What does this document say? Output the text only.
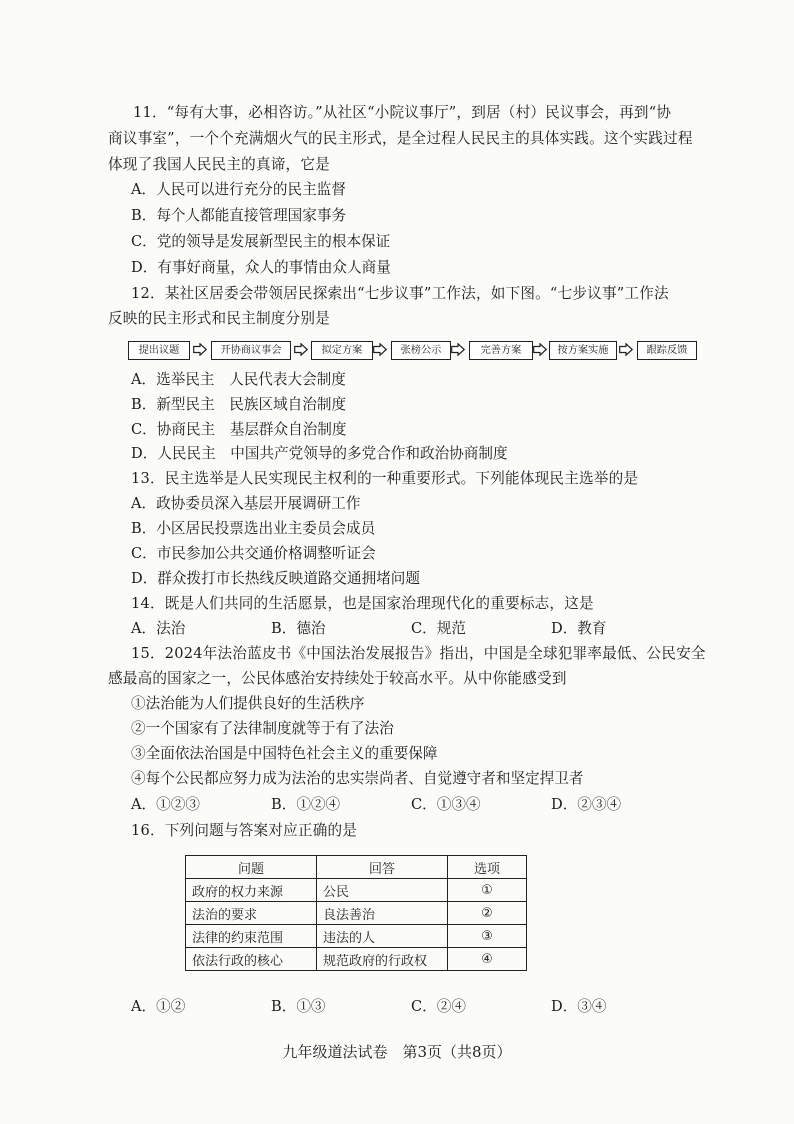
11．“每有大事，必相咨访。”从社区“小院议事厅”，到居（村）民议事会，再到“协
商议事室”，一个个充满烟火气的民主形式，是全过程人民民主的具体实践。这个实践过程
体现了我国人民民主的真谛，它是
A．人民可以进行充分的民主监督
B．每个人都能直接管理国家事务
C．党的领导是发展新型民主的根本保证
D．有事好商量，众人的事情由众人商量
12．某社区居委会带领居民探索出“七步议事”工作法，如下图。“七步议事”工作法
反映的民主形式和民主制度分别是
提出议题	开协商议事会	拟定方案	张榜公示	完善方案	按方案实施	跟踪反馈
A．选举民主　人民代表大会制度
B．新型民主　民族区域自治制度
C．协商民主　基层群众自治制度
D．人民民主　中国共产党领导的多党合作和政治协商制度
13．民主选举是人民实现民主权利的一种重要形式。下列能体现民主选举的是
A．政协委员深入基层开展调研工作
B．小区居民投票选出业主委员会成员
C．市民参加公共交通价格调整听证会
D．群众拨打市长热线反映道路交通拥堵问题
14．既是人们共同的生活愿景，也是国家治理现代化的重要标志，这是
A．法治	B．德治	C．规范	D．教育
15．2024年法治蓝皮书《中国法治发展报告》指出，中国是全球犯罪率最低、公民安全
感最高的国家之一，公民体感治安持续处于较高水平。从中你能感受到
①法治能为人们提供良好的生活秩序
②一个国家有了法律制度就等于有了法治
③全面依法治国是中国特色社会主义的重要保障
④每个公民都应努力成为法治的忠实崇尚者、自觉遵守者和坚定捍卫者
A．①②③	B．①②④	C．①③④	D．②③④
16．下列问题与答案对应正确的是
问题	回答	选项
政府的权力来源	公民	①
法治的要求	良法善治	②
法律的约束范围	违法的人	③
依法行政的核心	规范政府的行政权	④
A．①②	B．①③	C．②④	D．③④
九年级道法试卷　第3页（共8页）
